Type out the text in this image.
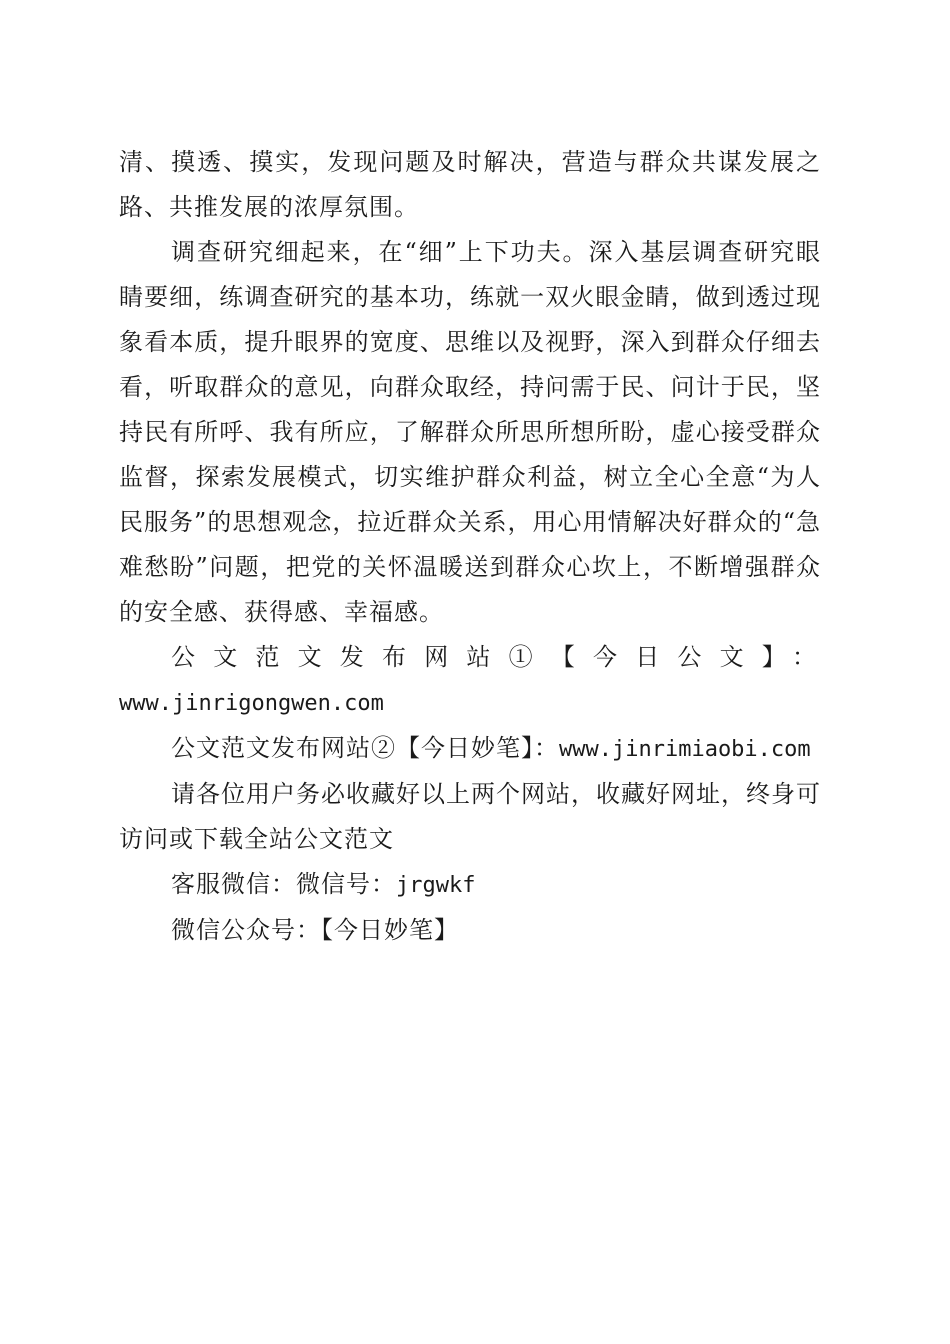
清、摸透、摸实，发现问题及时解决，营造与群众共谋发展之路、共推发展的浓厚氛围。

调查研究细起来，在“细”上下功夫。深入基层调查研究眼睛要细，练调查研究的基本功，练就一双火眼金睛，做到透过现象看本质，提升眼界的宽度、思维以及视野，深入到群众仔细去看，听取群众的意见，向群众取经，持问需于民、问计于民，坚持民有所呼、我有所应，了解群众所思所想所盼，虚心接受群众监督，探索发展模式，切实维护群众利益，树立全心全意“为人民服务”的思想观念，拉近群众关系，用心用情解决好群众的“急难愁盼”问题，把党的关怀温暖送到群众心坎上，不断增强群众的安全感、获得感、幸福感。

公文范文发布网站①【今日公文】：

www.jinrigongwen.com

公文范文发布网站②【今日妙笔】：www.jinrimiaobi.com

请各位用户务必收藏好以上两个网站，收藏好网址，终身可访问或下载全站公文范文

客服微信：微信号：jrgwkf

微信公众号：【今日妙笔】
